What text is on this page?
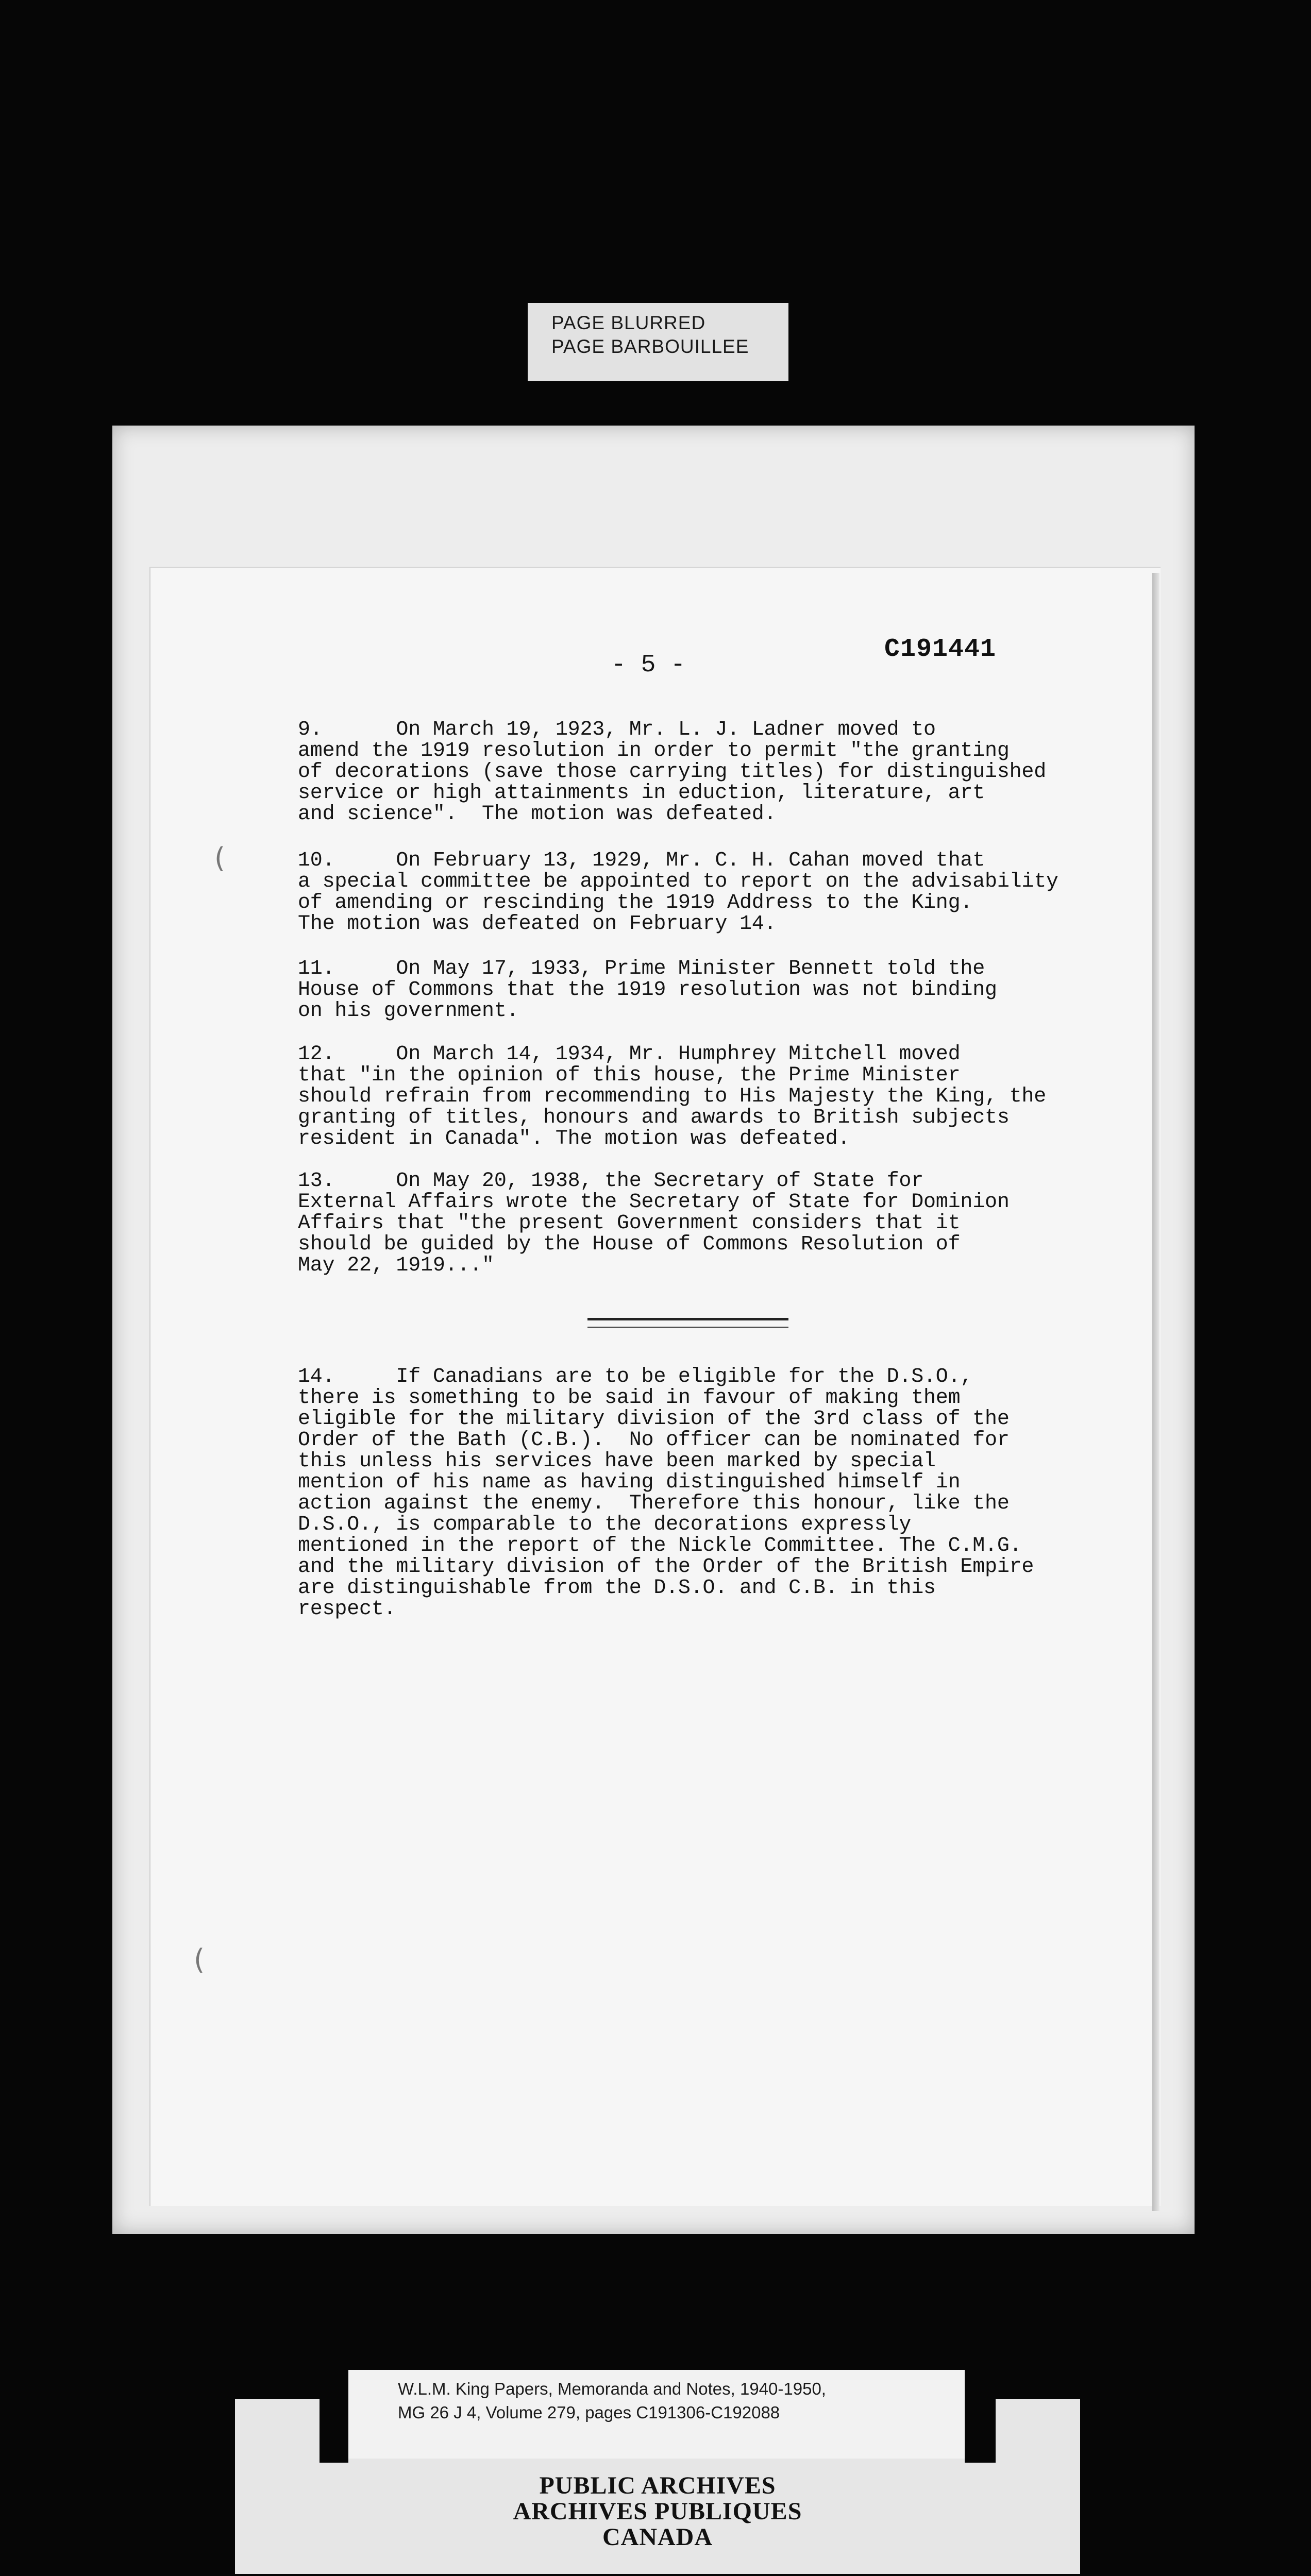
PAGE BLURRED
PAGE BARBOUILLEE
- 5 -
C191441
9.      On March 19, 1923, Mr. L. J. Ladner moved to
amend the 1919 resolution in order to permit "the granting
of decorations (save those carrying titles) for distinguished
service or high attainments in eduction, literature, art
and science".  The motion was defeated.
10.     On February 13, 1929, Mr. C. H. Cahan moved that
a special committee be appointed to report on the advisability
of amending or rescinding the 1919 Address to the King.
The motion was defeated on February 14.
11.     On May 17, 1933, Prime Minister Bennett told the
House of Commons that the 1919 resolution was not binding
on his government.
12.     On March 14, 1934, Mr. Humphrey Mitchell moved
that "in the opinion of this house, the Prime Minister
should refrain from recommending to His Majesty the King, the
granting of titles, honours and awards to British subjects
resident in Canada". The motion was defeated.
13.     On May 20, 1938, the Secretary of State for
External Affairs wrote the Secretary of State for Dominion
Affairs that "the present Government considers that it
should be guided by the House of Commons Resolution of
May 22, 1919..."
14.     If Canadians are to be eligible for the D.S.O.,
there is something to be said in favour of making them
eligible for the military division of the 3rd class of the
Order of the Bath (C.B.).  No officer can be nominated for
this unless his services have been marked by special
mention of his name as having distinguished himself in
action against the enemy.  Therefore this honour, like the
D.S.O., is comparable to the decorations expressly
mentioned in the report of the Nickle Committee. The C.M.G.
and the military division of the Order of the British Empire
are distinguishable from the D.S.O. and C.B. in this
respect.
(
(
W.L.M. King Papers, Memoranda and Notes, 1940-1950,
MG 26 J 4, Volume 279, pages C191306-C192088
PUBLIC ARCHIVES
ARCHIVES PUBLIQUES
CANADA
